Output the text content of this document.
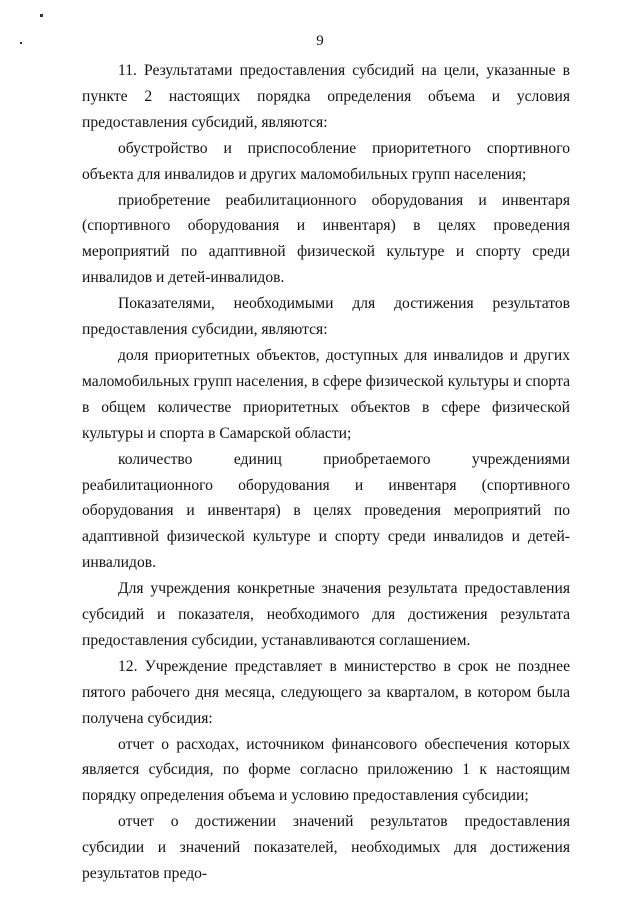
9

11. Результатами предоставления субсидий на цели, указанные в пункте 2 настоящих порядка определения объема и условия предоставления субсидий, являются:

обустройство и приспособление приоритетного спортивного объекта для инвалидов и других маломобильных групп населения;

приобретение реабилитационного оборудования и инвентаря (спортивного оборудования и инвентаря) в целях проведения мероприятий по адаптивной физической культуре и спорту среди инвалидов и детей-инвалидов.

Показателями, необходимыми для достижения результатов предоставления субсидии, являются:

доля приоритетных объектов, доступных для инвалидов и других маломобильных групп населения, в сфере физической культуры и спорта в общем количестве приоритетных объектов в сфере физической культуры и спорта в Самарской области;

количество единиц приобретаемого учреждениями реабилитационного оборудования и инвентаря (спортивного оборудования и инвентаря) в целях проведения мероприятий по адаптивной физической культуре и спорту среди инвалидов и детей-инвалидов.

Для учреждения конкретные значения результата предоставления субсидий и показателя, необходимого для достижения результата предоставления субсидии, устанавливаются соглашением.

12. Учреждение представляет в министерство в срок не позднее пятого рабочего дня месяца, следующего за кварталом, в котором была получена субсидия:

отчет о расходах, источником финансового обеспечения которых является субсидия, по форме согласно приложению 1 к настоящим порядку определения объема и условию предоставления субсидии;

отчет о достижении значений результатов предоставления субсидии и значений показателей, необходимых для достижения результатов предо-
